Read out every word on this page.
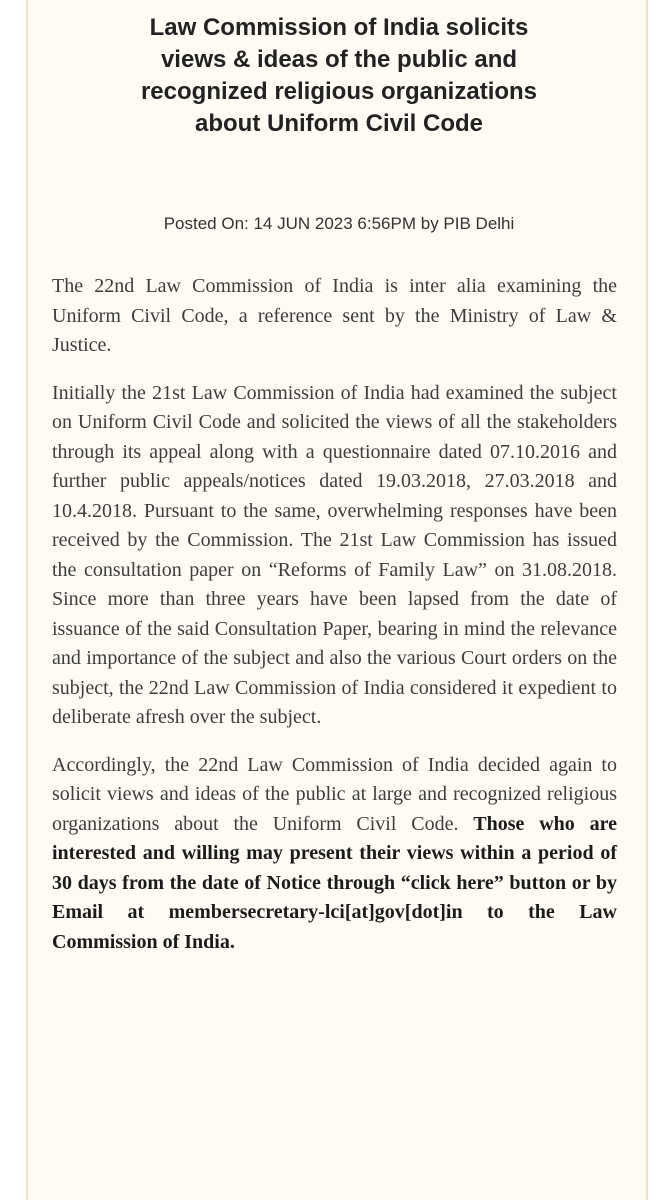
Law Commission of India solicits
views & ideas of the public and
recognized religious organizations
about Uniform Civil Code
Posted On: 14 JUN 2023 6:56PM by PIB Delhi

The 22nd Law Commission of India is inter alia examining the Uniform Civil Code, a reference sent by the Ministry of Law & Justice.

Initially the 21st Law Commission of India had examined the subject on Uniform Civil Code and solicited the views of all the stakeholders through its appeal along with a questionnaire dated 07.10.2016 and further public appeals/notices dated 19.03.2018, 27.03.2018 and 10.4.2018. Pursuant to the same, overwhelming responses have been received by the Commission. The 21st Law Commission has issued the consultation paper on “Reforms of Family Law” on 31.08.2018. Since more than three years have been lapsed from the date of issuance of the said Consultation Paper, bearing in mind the relevance and importance of the subject and also the various Court orders on the subject, the 22nd Law Commission of India considered it expedient to deliberate afresh over the subject.

Accordingly, the 22nd Law Commission of India decided again to solicit views and ideas of the public at large and recognized religious organizations about the Uniform Civil Code. Those who are interested and willing may present their views within a period of 30 days from the date of Notice through “click here” button or by Email at membersecretary-lci[at]gov[dot]in to the Law Commission of India.
